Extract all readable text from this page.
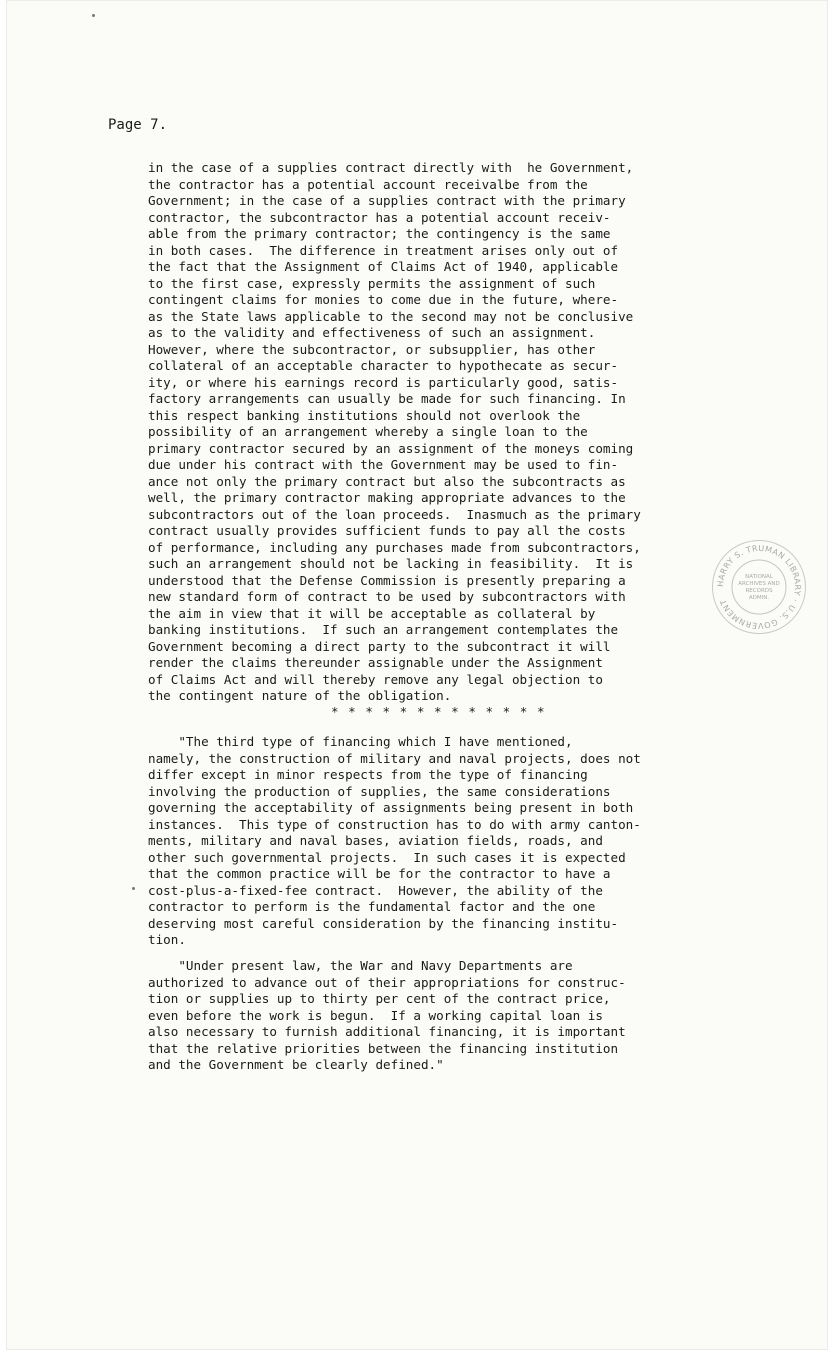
Page 7.
in the case of a supplies contract directly with  he Government,
the contractor has a potential account receivalbe from the
Government; in the case of a supplies contract with the primary
contractor, the subcontractor has a potential account receiv-
able from the primary contractor; the contingency is the same
in both cases.  The difference in treatment arises only out of
the fact that the Assignment of Claims Act of 1940, applicable
to the first case, expressly permits the assignment of such
contingent claims for monies to come due in the future, where-
as the State laws applicable to the second may not be conclusive
as to the validity and effectiveness of such an assignment.
However, where the subcontractor, or subsupplier, has other
collateral of an acceptable character to hypothecate as secur-
ity, or where his earnings record is particularly good, satis-
factory arrangements can usually be made for such financing. In
this respect banking institutions should not overlook the
possibility of an arrangement whereby a single loan to the
primary contractor secured by an assignment of the moneys coming
due under his contract with the Government may be used to fin-
ance not only the primary contract but also the subcontracts as
well, the primary contractor making appropriate advances to the
subcontractors out of the loan proceeds.  Inasmuch as the primary
contract usually provides sufficient funds to pay all the costs
of performance, including any purchases made from subcontractors,
such an arrangement should not be lacking in feasibility.  It is
understood that the Defense Commission is presently preparing a
new standard form of contract to be used by subcontractors with
the aim in view that it will be acceptable as collateral by
banking institutions.  If such an arrangement contemplates the
Government becoming a direct party to the subcontract it will
render the claims thereunder assignable under the Assignment
of Claims Act and will thereby remove any legal objection to
the contingent nature of the obligation.
* * * * * * * * * * * * *
"The third type of financing which I have mentioned,
namely, the construction of military and naval projects, does not
differ except in minor respects from the type of financing
involving the production of supplies, the same considerations
governing the acceptability of assignments being present in both
instances.  This type of construction has to do with army canton-
ments, military and naval bases, aviation fields, roads, and
other such governmental projects.  In such cases it is expected
that the common practice will be for the contractor to have a
cost-plus-a-fixed-fee contract.  However, the ability of the
contractor to perform is the fundamental factor and the one
deserving most careful consideration by the financing institu-
tion.
"Under present law, the War and Navy Departments are
authorized to advance out of their appropriations for construc-
tion or supplies up to thirty per cent of the contract price,
even before the work is begun.  If a working capital loan is
also necessary to furnish additional financing, it is important
that the relative priorities between the financing institution
and the Government be clearly defined."
HARRY S. TRUMAN LIBRARY · U.S. GOVERNMENT
NATIONAL
ARCHIVES AND
RECORDS
ADMIN.
